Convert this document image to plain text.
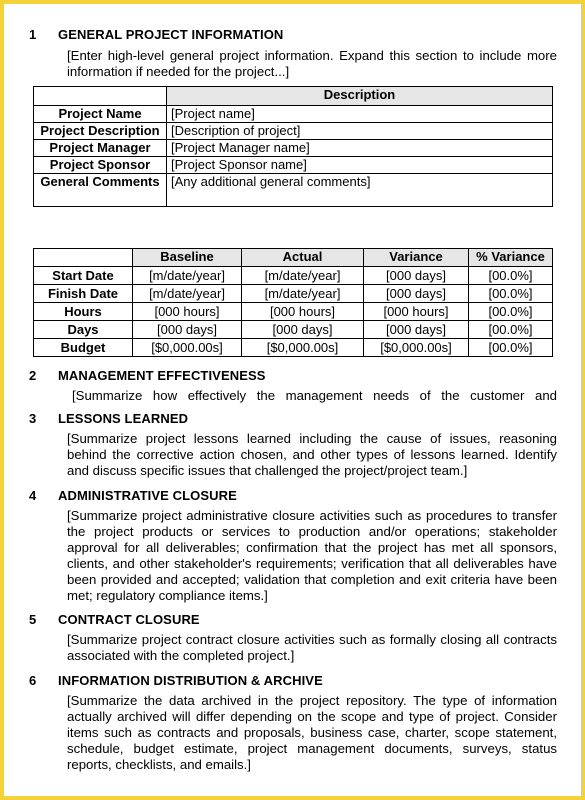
1 GENERAL PROJECT INFORMATION
[Enter high-level general project information. Expand this section to include more information if needed for the project...]
	Description
Project Name	[Project name]
Project Description	[Description of project]
Project Manager	[Project Manager name]
Project Sponsor	[Project Sponsor name]
General Comments	[Any additional general comments]
	Baseline	Actual	Variance	% Variance
Start Date	[m/date/year]	[m/date/year]	[000 days]	[00.0%]
Finish Date	[m/date/year]	[m/date/year]	[000 days]	[00.0%]
Hours	[000 hours]	[000 hours]	[000 hours]	[00.0%]
Days	[000 days]	[000 days]	[000 days]	[00.0%]
Budget	[$0,000.00s]	[$0,000.00s]	[$0,000.00s]	[00.0%]
2 MANAGEMENT EFFECTIVENESS
[Summarize how effectively the management needs of the customer and
3 LESSONS LEARNED
[Summarize project lessons learned including the cause of issues, reasoning behind the corrective action chosen, and other types of lessons learned. Identify and discuss specific issues that challenged the project/project team.]
4 ADMINISTRATIVE CLOSURE
[Summarize project administrative closure activities such as procedures to transfer the project products or services to production and/or operations; stakeholder approval for all deliverables; confirmation that the project has met all sponsors, clients, and other stakeholder's requirements; verification that all deliverables have been provided and accepted; validation that completion and exit criteria have been met; regulatory compliance items.]
5 CONTRACT CLOSURE
[Summarize project contract closure activities such as formally closing all contracts associated with the completed project.]
6 INFORMATION DISTRIBUTION & ARCHIVE
[Summarize the data archived in the project repository. The type of information actually archived will differ depending on the scope and type of project. Consider items such as contracts and proposals, business case, charter, scope statement, schedule, budget estimate, project management documents, surveys, status reports, checklists, and emails.]
